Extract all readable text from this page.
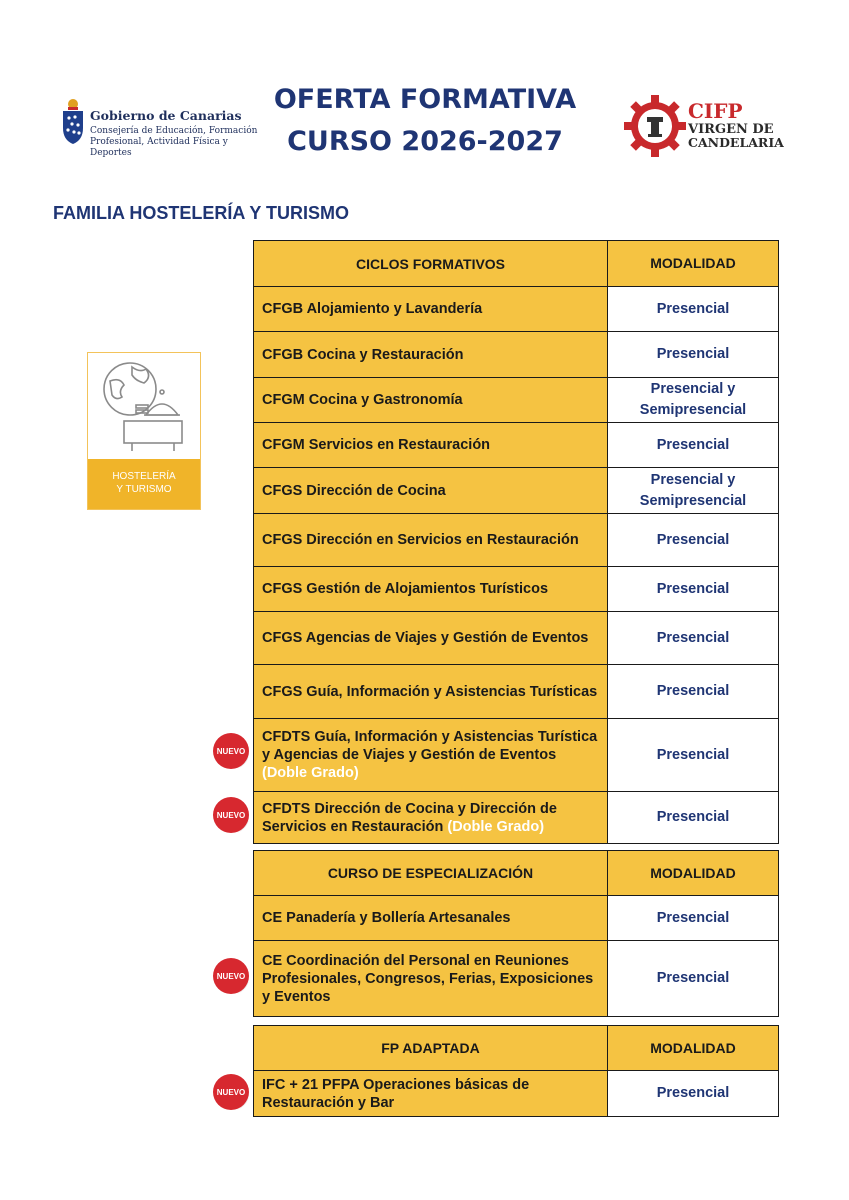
Gobierno de Canarias
Consejería de Educación, Formación Profesional, Actividad Física y Deportes
OFERTA FORMATIVA
CURSO 2026-2027
CIFP
VIRGEN DE
CANDELARIA
FAMILIA HOSTELERÍA Y TURISMO
HOSTELERÍA
Y TURISMO
CICLOS FORMATIVOS	MODALIDAD
CFGB Alojamiento y Lavandería	Presencial
CFGB Cocina y Restauración	Presencial
CFGM Cocina y Gastronomía	Presencial y
Semipresencial

CFGM Servicios en Restauración	Presencial
CFGS Dirección de Cocina	Presencial y
Semipresencial

CFGS Dirección en Servicios en Restauración	Presencial
CFGS Gestión de Alojamientos Turísticos	Presencial
CFGS Agencias de Viajes y Gestión de Eventos	Presencial
CFGS Guía, Información y Asistencias Turísticas	Presencial
CFDTS Guía, Información y Asistencias Turística y Agencias de Viajes y Gestión de Eventos (Doble Grado)	Presencial
CFDTS Dirección de Cocina y Dirección de Servicios en Restauración (Doble Grado)	Presencial
CURSO DE ESPECIALIZACIÓN	MODALIDAD
CE Panadería y Bollería Artesanales	Presencial
CE Coordinación del Personal en Reuniones Profesionales, Congresos, Ferias, Exposiciones y Eventos	Presencial
FP ADAPTADA	MODALIDAD
IFC + 21 PFPA Operaciones básicas de Restauración y Bar	Presencial
NUEVO
NUEVO
NUEVO
NUEVO
